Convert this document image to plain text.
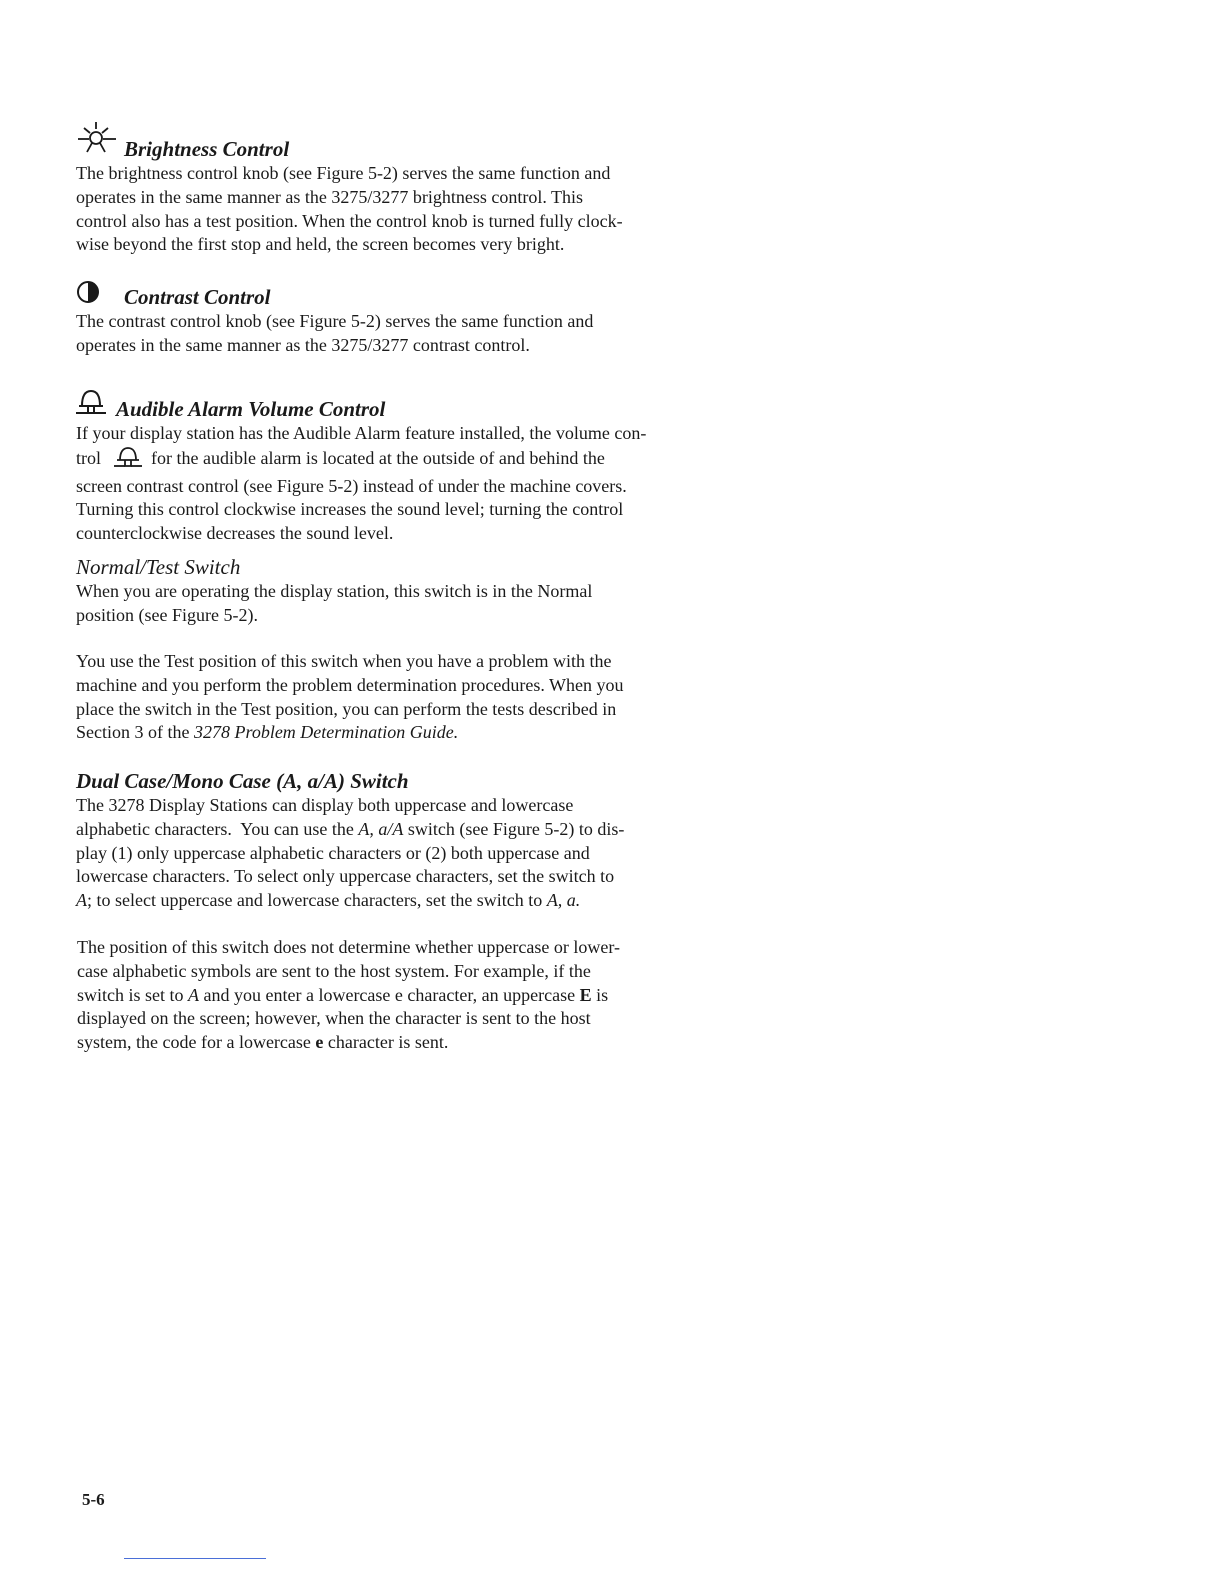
Brightness Control

The brightness control knob (see Figure 5-2) serves the same function and
operates in the same manner as the 3275/3277 brightness control. This
control also has a test position. When the control knob is turned fully clock-
wise beyond the first stop and held, the screen becomes very bright.

Contrast Control

The contrast control knob (see Figure 5-2) serves the same function and
operates in the same manner as the 3275/3277 contrast control.

Audible Alarm Volume Control

If your display station has the Audible Alarm feature installed, the volume con-
trol	for the audible alarm is located at the outside of and behind the
screen contrast control (see Figure 5-2) instead of under the machine covers.
Turning this control clockwise increases the sound level; turning the control
counterclockwise decreases the sound level.

Normal/Test Switch

When you are operating the display station, this switch is in the Normal
position (see Figure 5-2).

You use the Test position of this switch when you have a problem with the
machine and you perform the problem determination procedures. When you
place the switch in the Test position, you can perform the tests described in
Section 3 of the 3278 Problem Determination Guide.

Dual Case/Mono Case (A, a/A) Switch

The 3278 Display Stations can display both uppercase and lowercase
alphabetic characters.  You can use the A, a/A switch (see Figure 5-2) to dis-
play (1) only uppercase alphabetic characters or (2) both uppercase and
lowercase characters. To select only uppercase characters, set the switch to
A; to select uppercase and lowercase characters, set the switch to A, a.

The position of this switch does not determine whether uppercase or lower-
case alphabetic symbols are sent to the host system. For example, if the
switch is set to A and you enter a lowercase e character, an uppercase E is
displayed on the screen; however, when the character is sent to the host
system, the code for a lowercase e character is sent.

5-6
